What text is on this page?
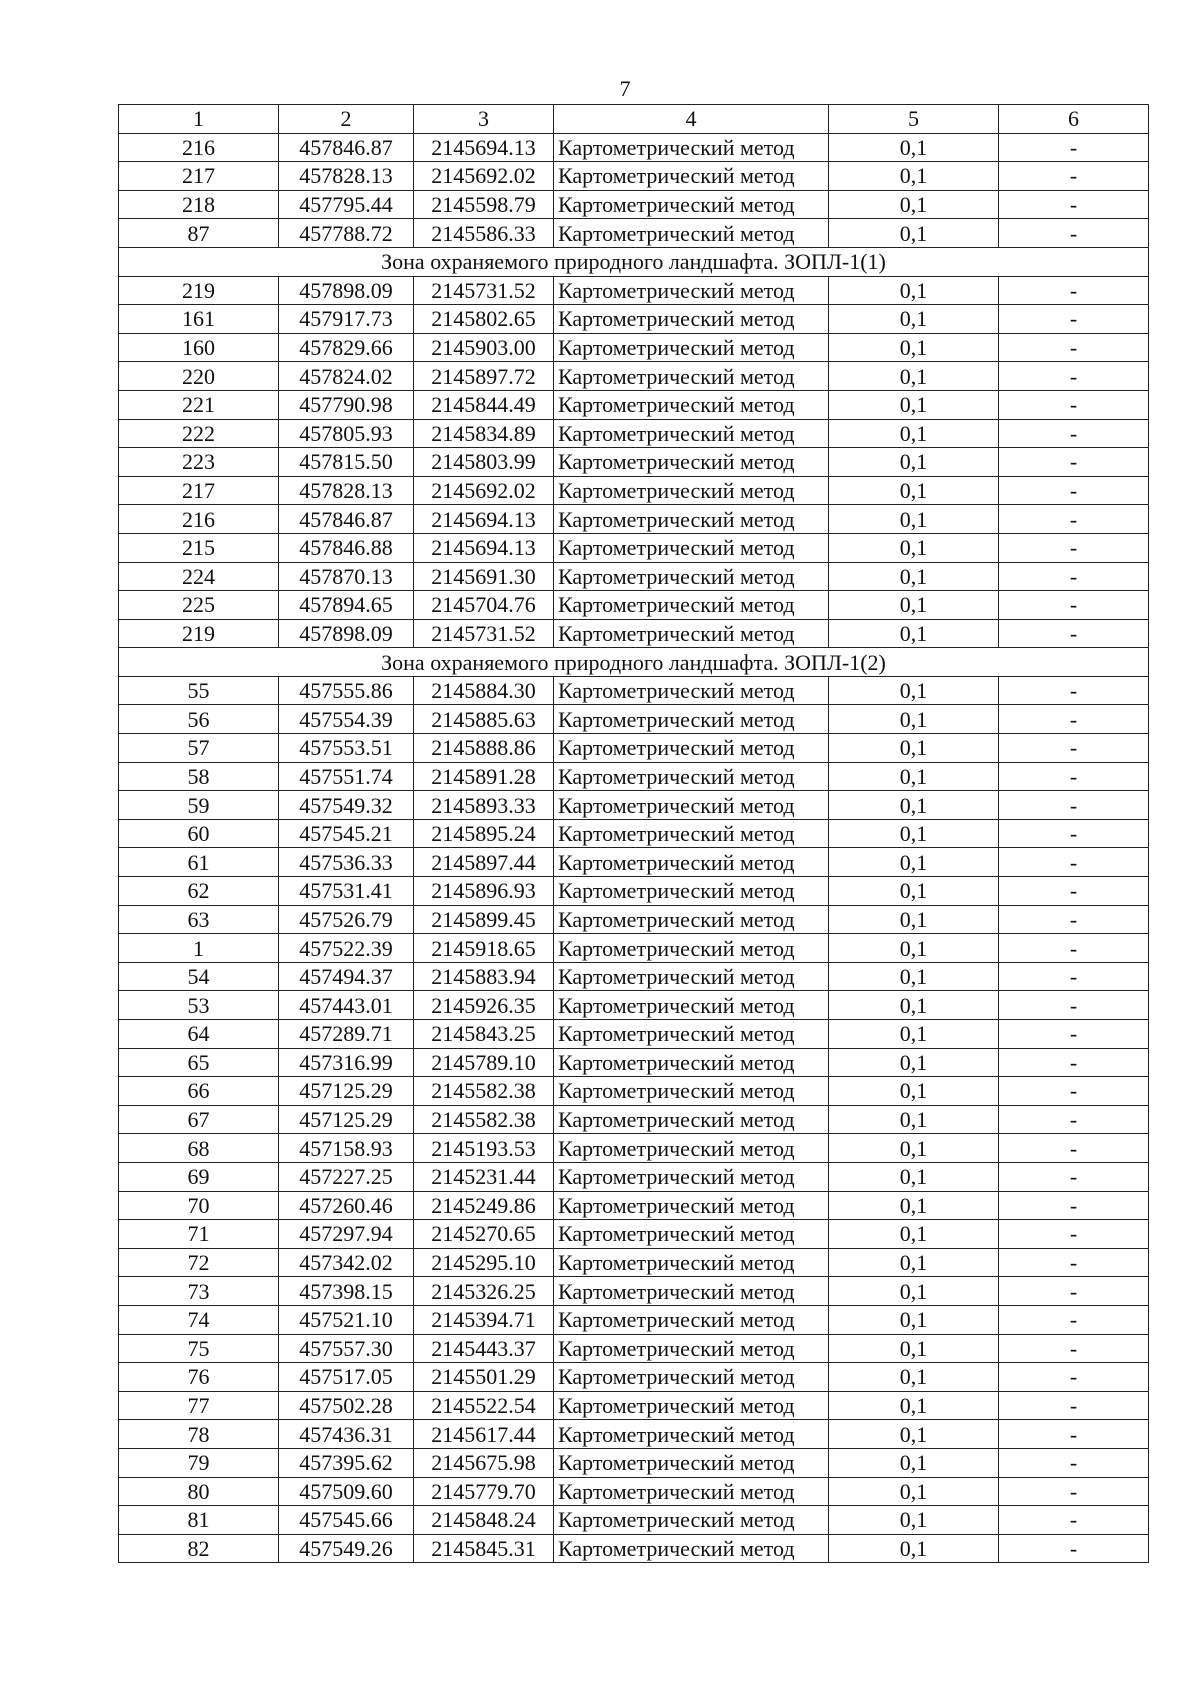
7
1	2	3	4	5	6
216	457846.87	2145694.13	Картометрический метод	0,1	-
217	457828.13	2145692.02	Картометрический метод	0,1	-
218	457795.44	2145598.79	Картометрический метод	0,1	-
87	457788.72	2145586.33	Картометрический метод	0,1	-
Зона охраняемого природного ландшафта. ЗОПЛ-1(1)					
219	457898.09	2145731.52	Картометрический метод	0,1	-
161	457917.73	2145802.65	Картометрический метод	0,1	-
160	457829.66	2145903.00	Картометрический метод	0,1	-
220	457824.02	2145897.72	Картометрический метод	0,1	-
221	457790.98	2145844.49	Картометрический метод	0,1	-
222	457805.93	2145834.89	Картометрический метод	0,1	-
223	457815.50	2145803.99	Картометрический метод	0,1	-
217	457828.13	2145692.02	Картометрический метод	0,1	-
216	457846.87	2145694.13	Картометрический метод	0,1	-
215	457846.88	2145694.13	Картометрический метод	0,1	-
224	457870.13	2145691.30	Картометрический метод	0,1	-
225	457894.65	2145704.76	Картометрический метод	0,1	-
219	457898.09	2145731.52	Картометрический метод	0,1	-
Зона охраняемого природного ландшафта. ЗОПЛ-1(2)					
55	457555.86	2145884.30	Картометрический метод	0,1	-
56	457554.39	2145885.63	Картометрический метод	0,1	-
57	457553.51	2145888.86	Картометрический метод	0,1	-
58	457551.74	2145891.28	Картометрический метод	0,1	-
59	457549.32	2145893.33	Картометрический метод	0,1	-
60	457545.21	2145895.24	Картометрический метод	0,1	-
61	457536.33	2145897.44	Картометрический метод	0,1	-
62	457531.41	2145896.93	Картометрический метод	0,1	-
63	457526.79	2145899.45	Картометрический метод	0,1	-
1	457522.39	2145918.65	Картометрический метод	0,1	-
54	457494.37	2145883.94	Картометрический метод	0,1	-
53	457443.01	2145926.35	Картометрический метод	0,1	-
64	457289.71	2145843.25	Картометрический метод	0,1	-
65	457316.99	2145789.10	Картометрический метод	0,1	-
66	457125.29	2145582.38	Картометрический метод	0,1	-
67	457125.29	2145582.38	Картометрический метод	0,1	-
68	457158.93	2145193.53	Картометрический метод	0,1	-
69	457227.25	2145231.44	Картометрический метод	0,1	-
70	457260.46	2145249.86	Картометрический метод	0,1	-
71	457297.94	2145270.65	Картометрический метод	0,1	-
72	457342.02	2145295.10	Картометрический метод	0,1	-
73	457398.15	2145326.25	Картометрический метод	0,1	-
74	457521.10	2145394.71	Картометрический метод	0,1	-
75	457557.30	2145443.37	Картометрический метод	0,1	-
76	457517.05	2145501.29	Картометрический метод	0,1	-
77	457502.28	2145522.54	Картометрический метод	0,1	-
78	457436.31	2145617.44	Картометрический метод	0,1	-
79	457395.62	2145675.98	Картометрический метод	0,1	-
80	457509.60	2145779.70	Картометрический метод	0,1	-
81	457545.66	2145848.24	Картометрический метод	0,1	-
82	457549.26	2145845.31	Картометрический метод	0,1	-
